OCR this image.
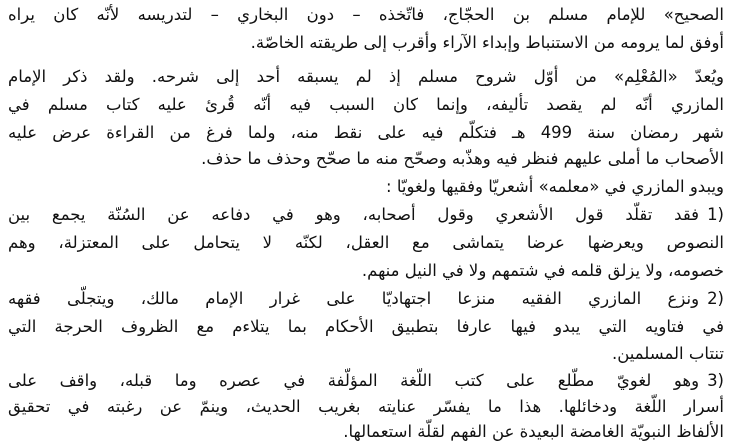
الصحيح» للإمام مسلم بن الحجّاج، فاتّخذه – دون البخاري – لتدريسه لأنّه كان يراه
أوفق لما يرومه من الاستنباط وإبداء الآراء وأقرب إلى طريقته الخاصّة.
ويُعدّ «المُعْلِم» من أوّل شروح مسلم إذ لم يسبقه أحد إلى شرحه. ولقد ذكر الإمام
المازري أنّه لم يقصد تأليفه، وإنما كان السبب فيه أنّه قُرئ عليه كتاب مسلم في
شهر رمضان سنة 499 هـ فتكلّم فيه على نقط منه، ولما فرغ من القراءة عرض عليه
الأصحاب ما أملى عليهم فنظر فيه وهذّبه وصحّح منه ما صحّح وحذف ما حذف.
ويبدو المازري في «معلمه» أشعريّا وفقيها ولغويّا :
1)فقد تقلّد قول الأشعري وقول أصحابه، وهو في دفاعه عن السُنّة يجمع بين
النصوص ويعرضها عرضا يتماشى مع العقل، لكنّه لا يتحامل على المعتزلة، وهم
خصومه، ولا يزلق قلمه في شتمهم ولا في النيل منهم.
2)ونزع المازري الفقيه منزعا اجتهاديّا على غرار الإمام مالك، ويتجلّى فقهه
في فتاويه التي يبدو فيها عارفا بتطبيق الأحكام بما يتلاءم مع الظروف الحرجة التي
تنتاب المسلمين.
3)وهو لغويّ مطّلع على كتب اللّغة المؤلّفة في عصره وما قبله، واقف على
أسرار اللّغة ودخائلها. هذا ما يفسّر عنايته بغريب الحديث، وينمّ عن رغبته في تحقيق
الألفاظ النبويّة الغامضة البعيدة عن الفهم لقلّة استعمالها.
